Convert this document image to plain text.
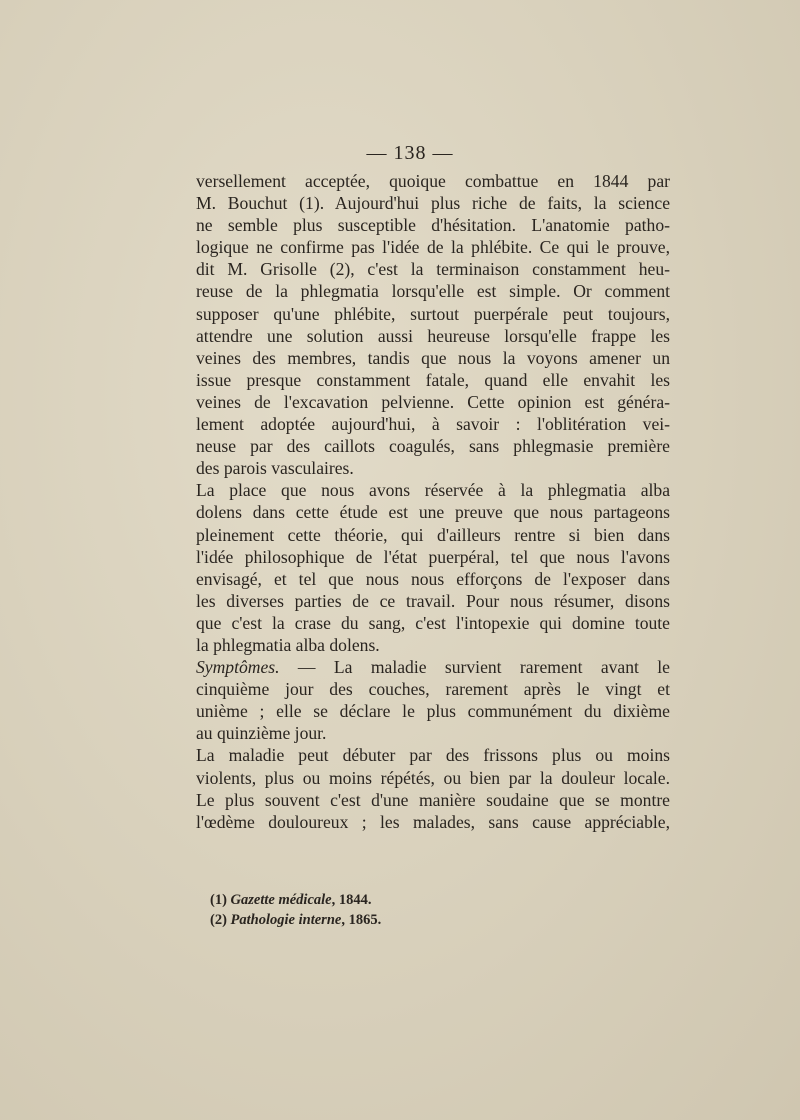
— 138 —
versellement acceptée, quoique combattue en 1844 par
M. Bouchut (1). Aujourd'hui plus riche de faits, la science
ne semble plus susceptible d'hésitation. L'anatomie patho-
logique ne confirme pas l'idée de la phlébite. Ce qui le prouve,
dit M. Grisolle (2), c'est la terminaison constamment heu-
reuse de la phlegmatia lorsqu'elle est simple. Or comment
supposer qu'une phlébite, surtout puerpérale peut toujours,
attendre une solution aussi heureuse lorsqu'elle frappe les
veines des membres, tandis que nous la voyons amener un
issue presque constamment fatale, quand elle envahit les
veines de l'excavation pelvienne. Cette opinion est généra-
lement adoptée aujourd'hui, à savoir : l'oblitération vei-
neuse par des caillots coagulés, sans phlegmasie première
des parois vasculaires.
La place que nous avons réservée à la phlegmatia alba
dolens dans cette étude est une preuve que nous partageons
pleinement cette théorie, qui d'ailleurs rentre si bien dans
l'idée philosophique de l'état puerpéral, tel que nous l'avons
envisagé, et tel que nous nous efforçons de l'exposer dans
les diverses parties de ce travail. Pour nous résumer, disons
que c'est la crase du sang, c'est l'intopexie qui domine toute
la phlegmatia alba dolens.
Symptômes. — La maladie survient rarement avant le
cinquième jour des couches, rarement après le vingt et
unième ; elle se déclare le plus communément du dixième
au quinzième jour.
La maladie peut débuter par des frissons plus ou moins
violents, plus ou moins répétés, ou bien par la douleur locale.
Le plus souvent c'est d'une manière soudaine que se montre
l'œdème douloureux ; les malades, sans cause appréciable,
(1) Gazette médicale, 1844.
(2) Pathologie interne, 1865.
